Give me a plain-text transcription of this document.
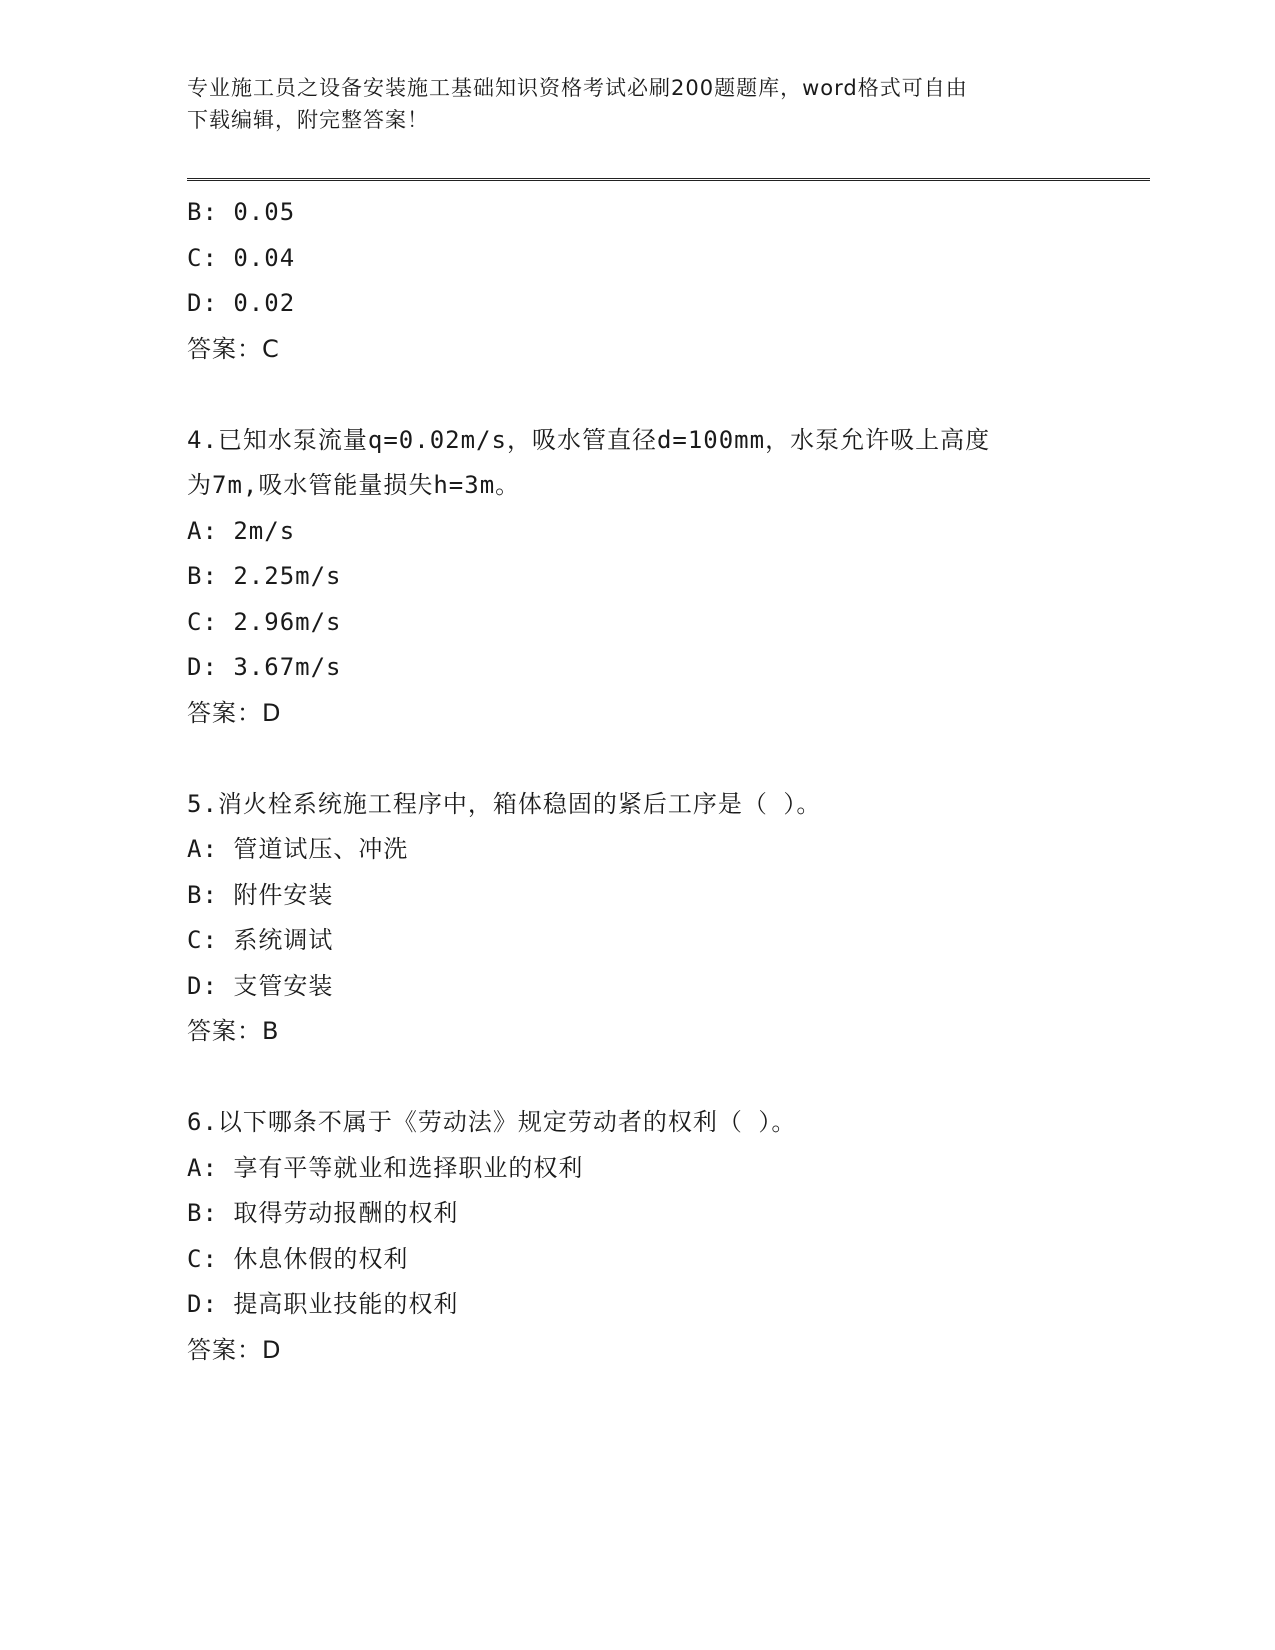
专业施工员之设备安装施工基础知识资格考试必刷200题题库，word格式可自由
下载编辑，附完整答案！
B: 0.05
C: 0.04
D: 0.02
答案：C
4.已知水泵流量q=0.02m/s，吸水管直径d=100mm，水泵允许吸上高度
为7m,吸水管能量损失h=3m。
A: 2m/s
B: 2.25m/s
C: 2.96m/s
D: 3.67m/s
答案：D
5.消火栓系统施工程序中，箱体稳固的紧后工序是（ ）。
A: 管道试压、冲洗
B: 附件安装
C: 系统调试
D: 支管安装
答案：B
6.以下哪条不属于《劳动法》规定劳动者的权利（ ）。
A: 享有平等就业和选择职业的权利
B: 取得劳动报酬的权利
C: 休息休假的权利
D: 提高职业技能的权利
答案：D
